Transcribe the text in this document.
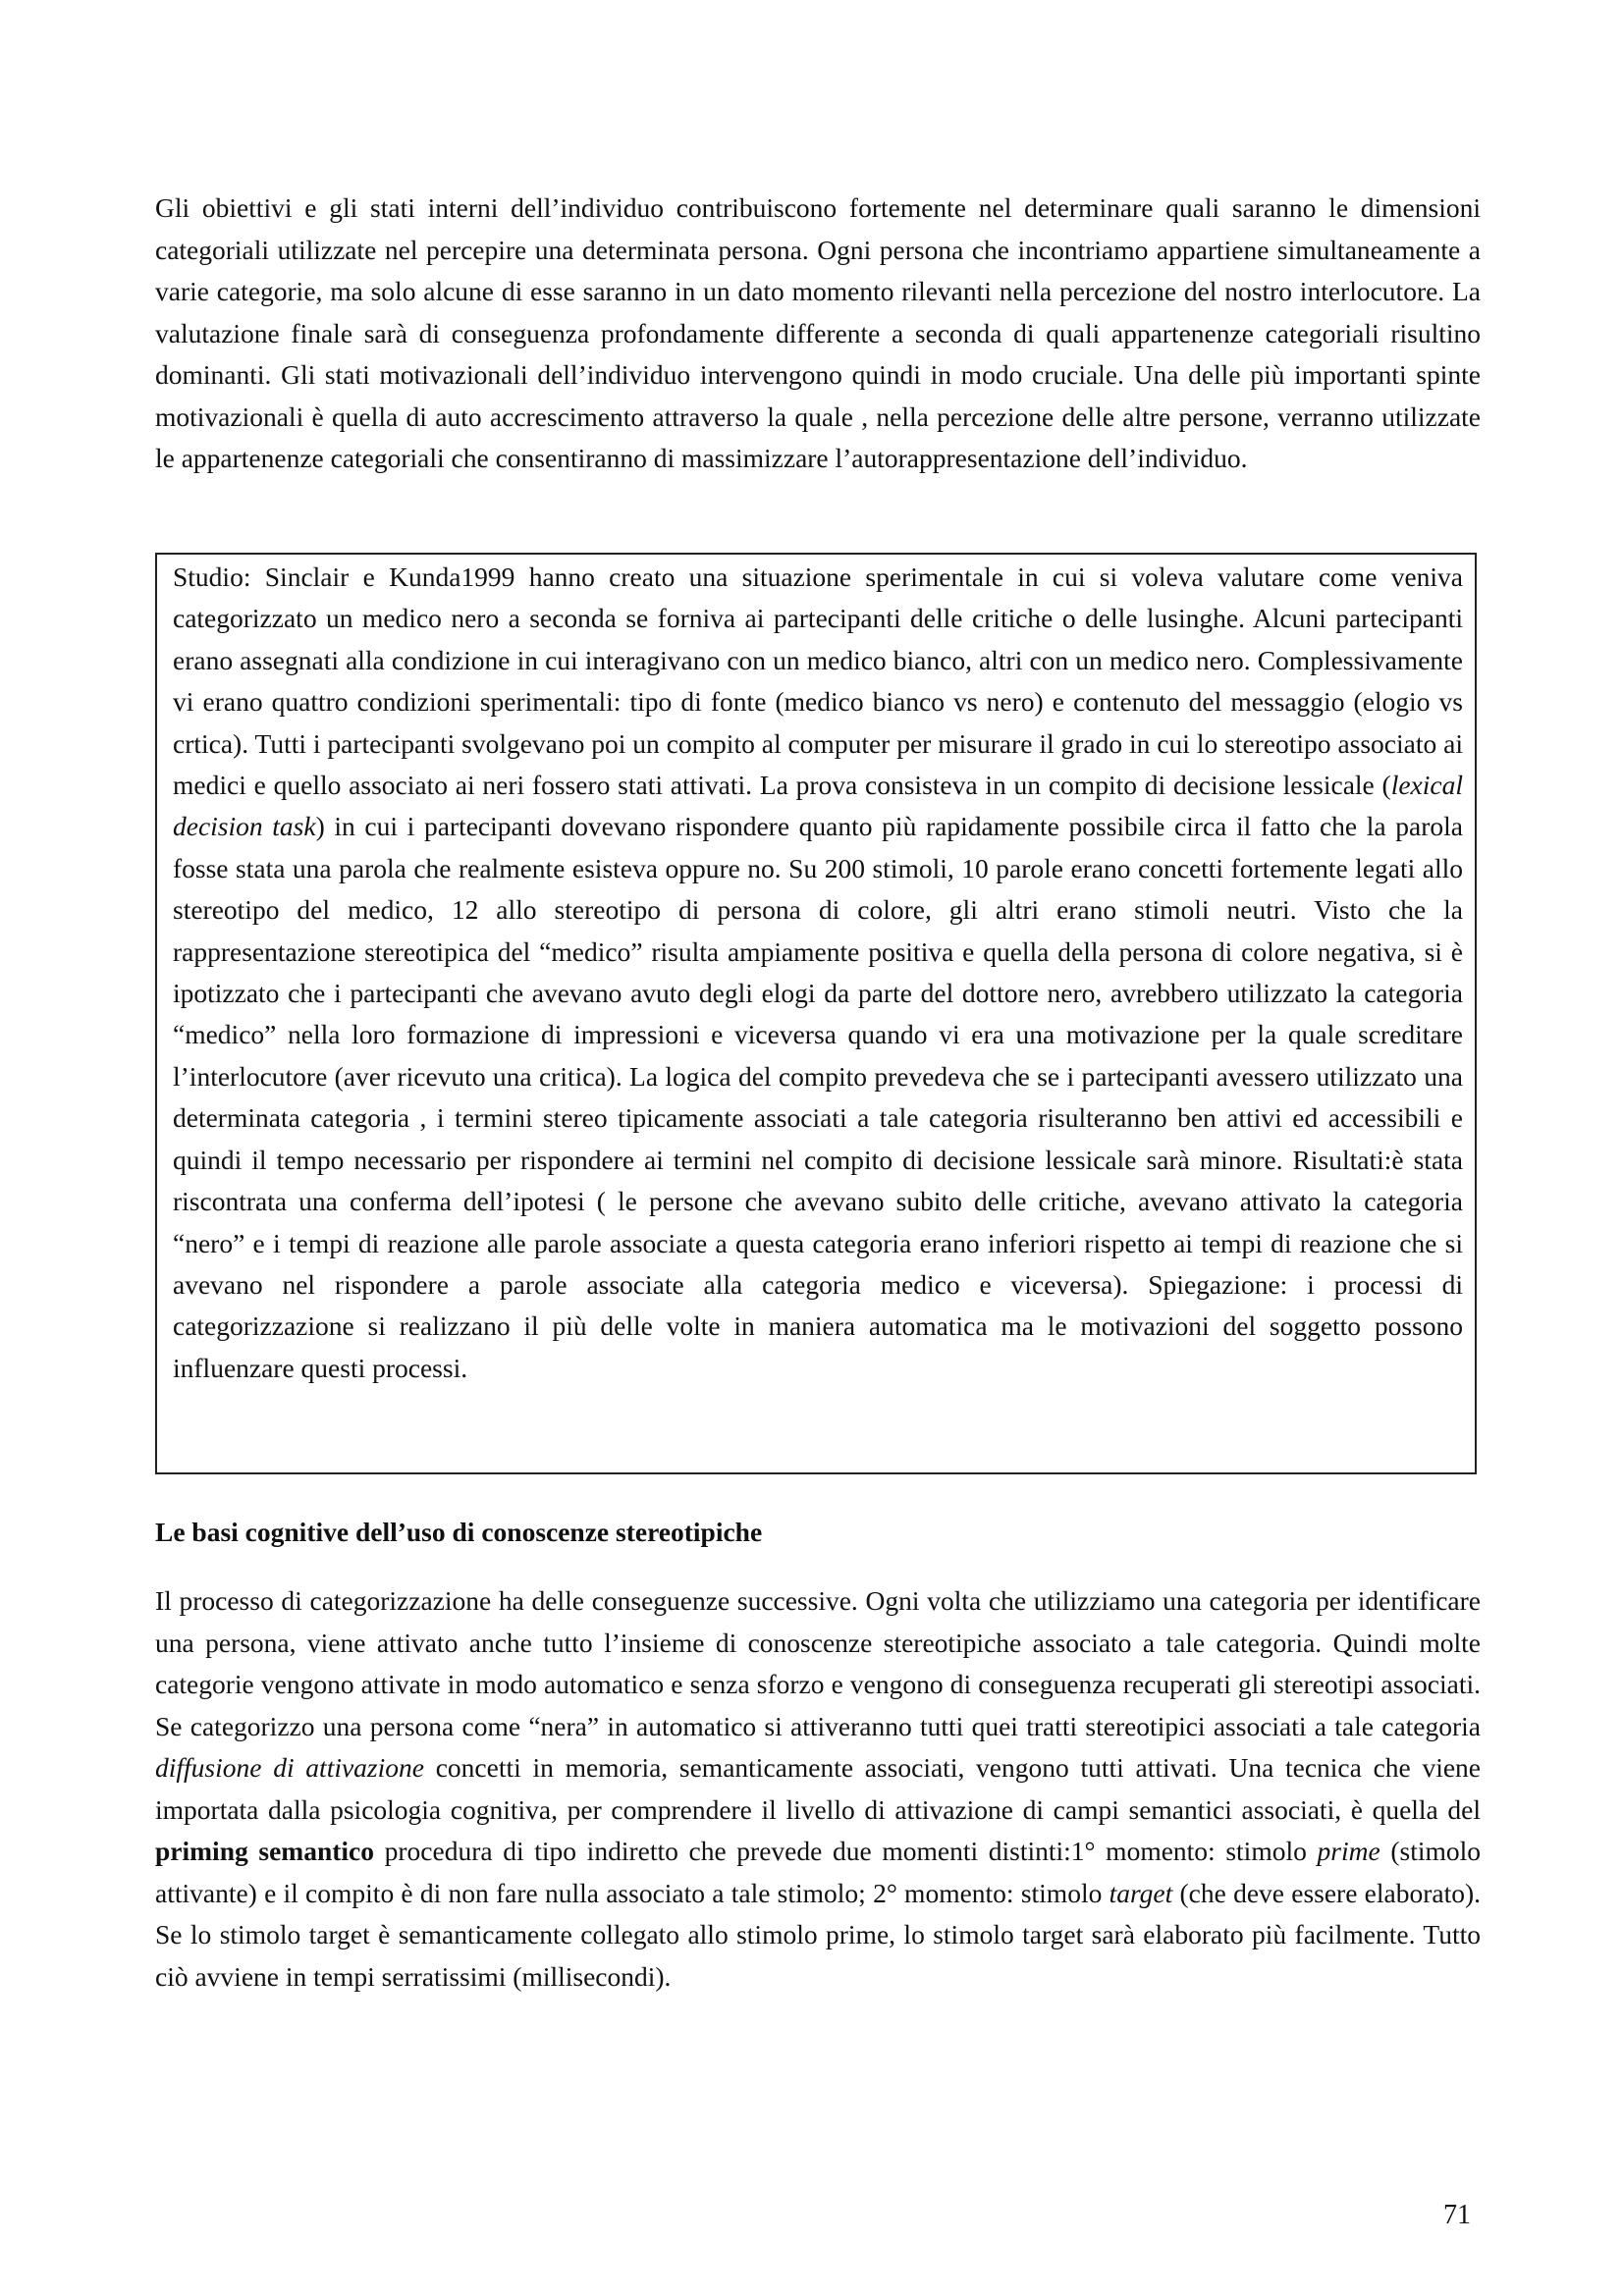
Gli obiettivi e gli stati interni dell’individuo contribuiscono fortemente nel determinare quali saranno le dimensioni categoriali utilizzate nel percepire una determinata persona. Ogni persona che incontriamo appartiene simultaneamente a varie categorie, ma solo alcune di esse saranno in un dato momento rilevanti nella percezione del nostro interlocutore. La valutazione finale sarà di conseguenza profondamente differente a seconda di quali appartenenze categoriali risultino dominanti. Gli stati motivazionali dell’individuo intervengono quindi in modo cruciale. Una delle più importanti spinte motivazionali è quella di auto accrescimento attraverso la quale , nella percezione delle altre persone, verranno utilizzate le appartenenze categoriali che consentiranno di massimizzare l’autorappresentazione dell’individuo.

Studio: Sinclair e Kunda1999 hanno creato una situazione sperimentale in cui si voleva valutare come veniva categorizzato un medico nero a seconda se forniva ai partecipanti delle critiche o delle lusinghe. Alcuni partecipanti erano assegnati alla condizione in cui interagivano con un medico bianco, altri con un medico nero. Complessivamente vi erano quattro condizioni sperimentali: tipo di fonte (medico bianco vs nero) e contenuto del messaggio (elogio vs crtica). Tutti i partecipanti svolgevano poi un compito al computer per misurare il grado in cui lo stereotipo associato ai medici e quello associato ai neri fossero stati attivati. La prova consisteva in un compito di decisione lessicale (lexical decision task) in cui i partecipanti dovevano rispondere quanto più rapidamente possibile circa il fatto che la parola fosse stata una parola che realmente esisteva oppure no. Su 200 stimoli, 10 parole erano concetti fortemente legati allo stereotipo del medico, 12 allo stereotipo di persona di colore, gli altri erano stimoli neutri. Visto che la rappresentazione stereotipica del “medico” risulta ampiamente positiva e quella della persona di colore negativa, si è ipotizzato che i partecipanti che avevano avuto degli elogi da parte del dottore nero, avrebbero utilizzato la categoria “medico” nella loro formazione di impressioni e viceversa quando vi era una motivazione per la quale screditare l’interlocutore (aver ricevuto una critica). La logica del compito prevedeva che se i partecipanti avessero utilizzato una determinata categoria , i termini stereo tipicamente associati a tale categoria risulteranno ben attivi ed accessibili e quindi il tempo necessario per rispondere ai termini nel compito di decisione lessicale sarà minore. Risultati:è stata riscontrata una conferma dell’ipotesi ( le persone che avevano subito delle critiche, avevano attivato la categoria “nero” e i tempi di reazione alle parole associate a questa categoria erano inferiori rispetto ai tempi di reazione che si avevano nel rispondere a parole associate alla categoria medico e viceversa). Spiegazione: i processi di categorizzazione si realizzano il più delle volte in maniera automatica ma le motivazioni del soggetto possono influenzare questi processi.

Le basi cognitive dell’uso di conoscenze stereotipiche

Il processo di categorizzazione ha delle conseguenze successive. Ogni volta che utilizziamo una categoria per identificare una persona, viene attivato anche tutto l’insieme di conoscenze stereotipiche associato a tale categoria. Quindi molte categorie vengono attivate in modo automatico e senza sforzo e vengono di conseguenza recuperati gli stereotipi associati. Se categorizzo una persona come “nera” in automatico si attiveranno tutti quei tratti stereotipici associati a tale categoria diffusione di attivazione concetti in memoria, semanticamente associati, vengono tutti attivati. Una tecnica che viene importata dalla psicologia cognitiva, per comprendere il livello di attivazione di campi semantici associati, è quella del priming semantico procedura di tipo indiretto che prevede due momenti distinti:1° momento: stimolo prime (stimolo attivante) e il compito è di non fare nulla associato a tale stimolo; 2° momento: stimolo target (che deve essere elaborato). Se lo stimolo target è semanticamente collegato allo stimolo prime, lo stimolo target sarà elaborato più facilmente. Tutto ciò avviene in tempi serratissimi (millisecondi).

71
